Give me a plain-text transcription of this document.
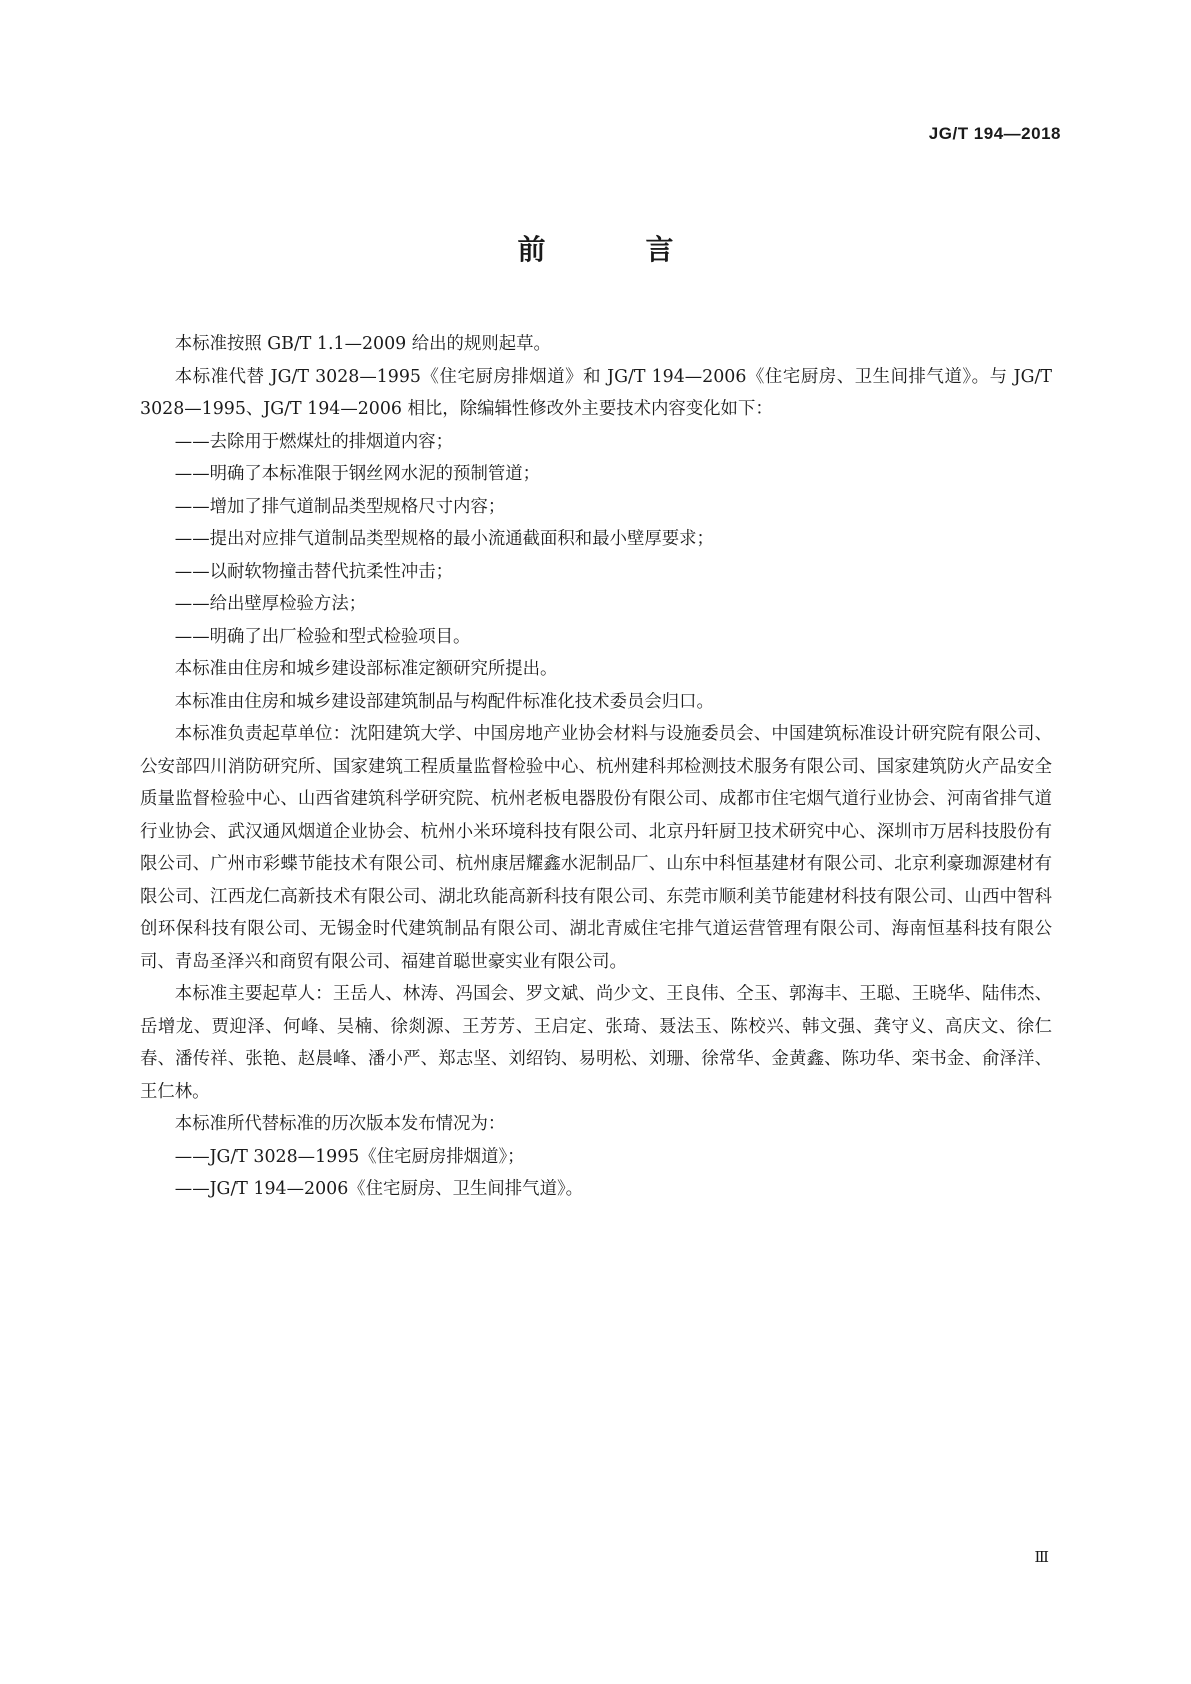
JG/T 194—2018
前　言

本标准按照 GB/T 1.1—2009 给出的规则起草。

本标准代替 JG/T 3028—1995《住宅厨房排烟道》和 JG/T 194—2006《住宅厨房、卫生间排气道》。与 JG/T 3028—1995、JG/T 194—2006 相比，除编辑性修改外主要技术内容变化如下：

——去除用于燃煤灶的排烟道内容；

——明确了本标准限于钢丝网水泥的预制管道；

——增加了排气道制品类型规格尺寸内容；

——提出对应排气道制品类型规格的最小流通截面积和最小壁厚要求；

——以耐软物撞击替代抗柔性冲击；

——给出壁厚检验方法；

——明确了出厂检验和型式检验项目。

本标准由住房和城乡建设部标准定额研究所提出。

本标准由住房和城乡建设部建筑制品与构配件标准化技术委员会归口。

本标准负责起草单位：沈阳建筑大学、中国房地产业协会材料与设施委员会、中国建筑标准设计研究院有限公司、公安部四川消防研究所、国家建筑工程质量监督检验中心、杭州建科邦检测技术服务有限公司、国家建筑防火产品安全质量监督检验中心、山西省建筑科学研究院、杭州老板电器股份有限公司、成都市住宅烟气道行业协会、河南省排气道行业协会、武汉通风烟道企业协会、杭州小米环境科技有限公司、北京丹轩厨卫技术研究中心、深圳市万居科技股份有限公司、广州市彩蝶节能技术有限公司、杭州康居耀鑫水泥制品厂、山东中科恒基建材有限公司、北京利豪珈源建材有限公司、江西龙仁高新技术有限公司、湖北玖能高新科技有限公司、东莞市顺利美节能建材科技有限公司、山西中智科创环保科技有限公司、无锡金时代建筑制品有限公司、湖北青威住宅排气道运营管理有限公司、海南恒基科技有限公司、青岛圣泽兴和商贸有限公司、福建首聪世豪实业有限公司。

本标准主要起草人：王岳人、林涛、冯国会、罗文斌、尚少文、王良伟、仝玉、郭海丰、王聪、王晓华、陆伟杰、岳增龙、贾迎泽、何峰、吴楠、徐剡源、王芳芳、王启定、张琦、聂法玉、陈校兴、韩文强、龚守义、高庆文、徐仁春、潘传祥、张艳、赵晨峰、潘小严、郑志坚、刘绍钧、易明松、刘珊、徐常华、金黄鑫、陈功华、栾书金、俞泽洋、王仁林。

本标准所代替标准的历次版本发布情况为：

——JG/T 3028—1995《住宅厨房排烟道》；

——JG/T 194—2006《住宅厨房、卫生间排气道》。

Ⅲ
